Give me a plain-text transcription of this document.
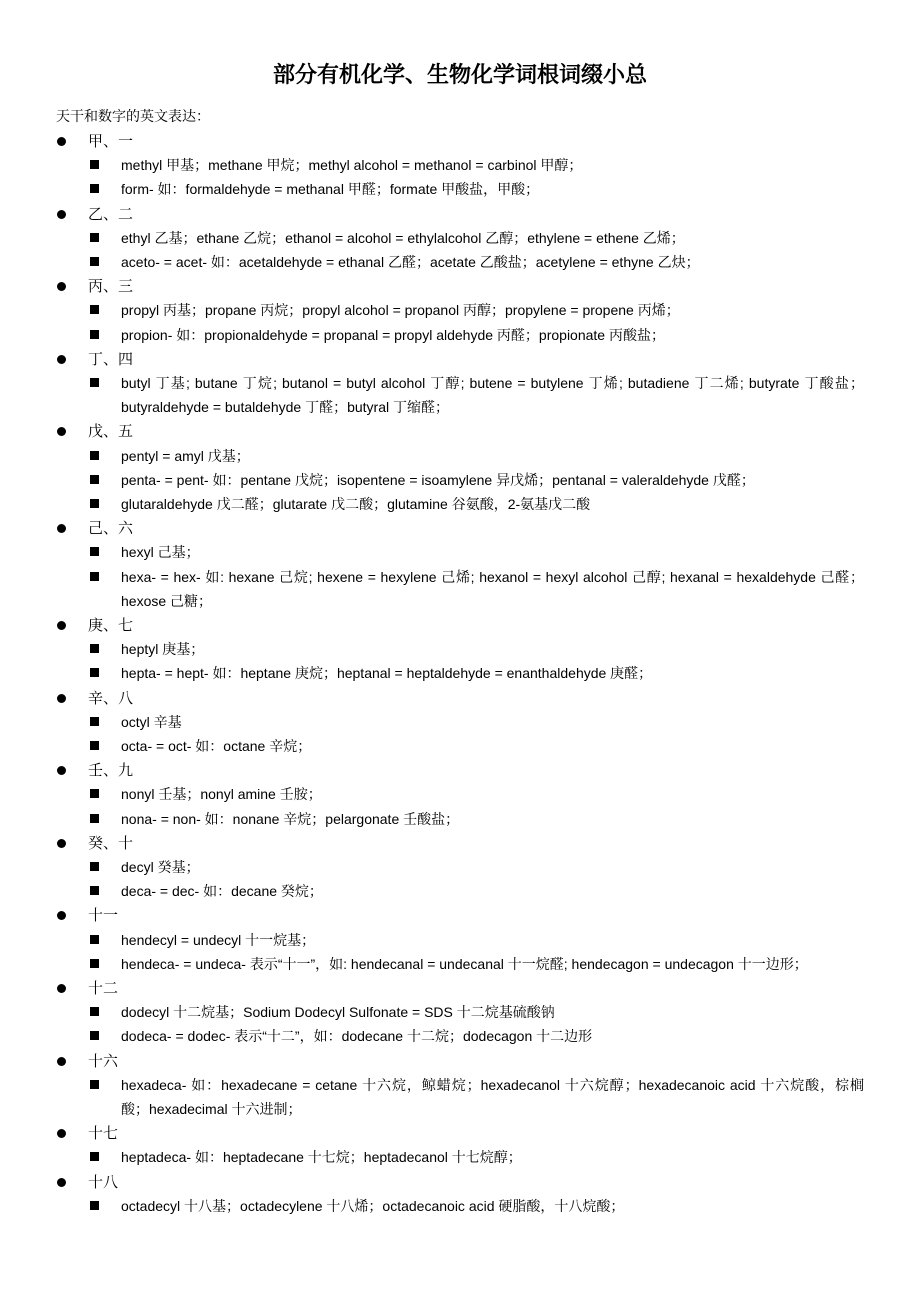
部分有机化学、生物化学词根词缀小总
天干和数字的英文表达：
甲、一
methyl 甲基；methane 甲烷；methyl alcohol = methanol = carbinol 甲醇；
form- 如：formaldehyde = methanal 甲醛；formate 甲酸盐，甲酸；
乙、二
ethyl 乙基；ethane 乙烷；ethanol = alcohol = ethylalcohol 乙醇；ethylene = ethene 乙烯；
aceto- = acet- 如：acetaldehyde = ethanal 乙醛；acetate 乙酸盐；acetylene = ethyne 乙炔；
丙、三
propyl 丙基；propane 丙烷；propyl alcohol = propanol 丙醇；propylene = propene 丙烯；
propion- 如：propionaldehyde = propanal = propyl aldehyde 丙醛；propionate 丙酸盐；
丁、四
butyl 丁基; butane 丁烷; butanol = butyl alcohol 丁醇; butene = butylene 丁烯; butadiene 丁二烯; butyrate 丁酸盐；butyraldehyde = butaldehyde 丁醛；butyral 丁缩醛；
戊、五
pentyl = amyl 戊基；
penta- = pent- 如：pentane 戊烷；isopentene = isoamylene 异戊烯；pentanal = valeraldehyde 戊醛；
glutaraldehyde 戊二醛；glutarate 戊二酸；glutamine 谷氨酸，2-氨基戊二酸
己、六
hexyl 己基；
hexa- = hex- 如: hexane 己烷; hexene = hexylene 己烯; hexanol = hexyl alcohol 己醇; hexanal = hexaldehyde 己醛；hexose 己糖；
庚、七
heptyl 庚基；
hepta- = hept- 如：heptane 庚烷；heptanal = heptaldehyde = enanthaldehyde 庚醛；
辛、八
octyl 辛基
octa- = oct- 如：octane 辛烷；
壬、九
nonyl 壬基；nonyl amine 壬胺；
nona- = non- 如：nonane 辛烷；pelargonate 壬酸盐；
癸、十
decyl 癸基；
deca- = dec- 如：decane 癸烷；
十一
hendecyl = undecyl 十一烷基；
hendeca- = undeca- 表示“十一”，如: hendecanal = undecanal 十一烷醛; hendecagon = undecagon 十一边形；
十二
dodecyl 十二烷基；Sodium Dodecyl Sulfonate = SDS 十二烷基硫酸钠
dodeca- = dodec- 表示“十二”，如：dodecane 十二烷；dodecagon 十二边形
十六
hexadeca- 如：hexadecane = cetane 十六烷，鲸蜡烷；hexadecanol 十六烷醇；hexadecanoic acid 十六烷酸，棕榈酸；hexadecimal 十六进制；
十七
heptadeca- 如：heptadecane 十七烷；heptadecanol 十七烷醇；
十八
octadecyl 十八基；octadecylene 十八烯；octadecanoic acid 硬脂酸，十八烷酸；
